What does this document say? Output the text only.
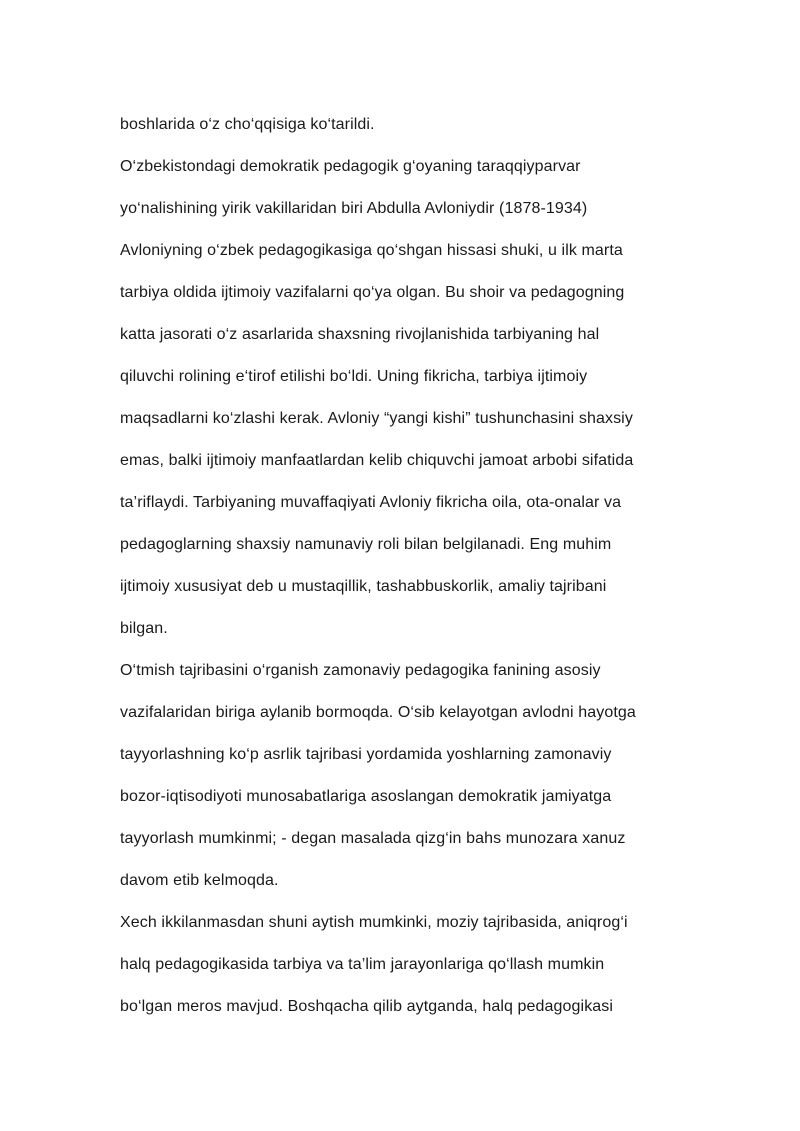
boshlarida o‘z cho‘qqisiga ko‘tarildi.
O‘zbekistondagi demokratik pedagogik g‘oyaning taraqqiyparvar
yo‘nalishining yirik vakillaridan biri Abdulla Avloniydir (1878-1934)
Avloniyning o‘zbek pedagogikasiga qo‘shgan hissasi shuki, u ilk marta
tarbiya oldida ijtimoiy vazifalarni qo‘ya olgan. Bu shoir va pedagogning
katta jasorati o‘z asarlarida shaxsning rivojlanishida tarbiyaning hal
qiluvchi rolining e‘tirof etilishi bo‘ldi. Uning fikricha, tarbiya ijtimoiy
maqsadlarni ko‘zlashi kerak. Avloniy “yangi kishi” tushunchasini shaxsiy
emas, balki ijtimoiy manfaatlardan kelib chiquvchi jamoat arbobi sifatida
ta’riflaydi. Tarbiyaning muvaffaqiyati Avloniy fikricha oila, ota-onalar va
pedagoglarning shaxsiy namunaviy roli bilan belgilanadi. Eng muhim
ijtimoiy xususiyat deb u mustaqillik, tashabbuskorlik, amaliy tajribani
bilgan.
O‘tmish tajribasini o‘rganish zamonaviy pedagogika fanining asosiy
vazifalaridan biriga aylanib bormoqda. O‘sib kelayotgan avlodni hayotga
tayyorlashning ko‘p asrlik tajribasi yordamida yoshlarning zamonaviy
bozor-iqtisodiyoti munosabatlariga asoslangan demokratik jamiyatga
tayyorlash mumkinmi; - degan masalada qizg‘in bahs munozara xanuz
davom etib kelmoqda.
Xech ikkilanmasdan shuni aytish mumkinki, moziy tajribasida, aniqrog‘i
halq pedagogikasida tarbiya va ta’lim jarayonlariga qo‘llash mumkin
bo‘lgan meros mavjud. Boshqacha qilib aytganda, halq pedagogikasi
